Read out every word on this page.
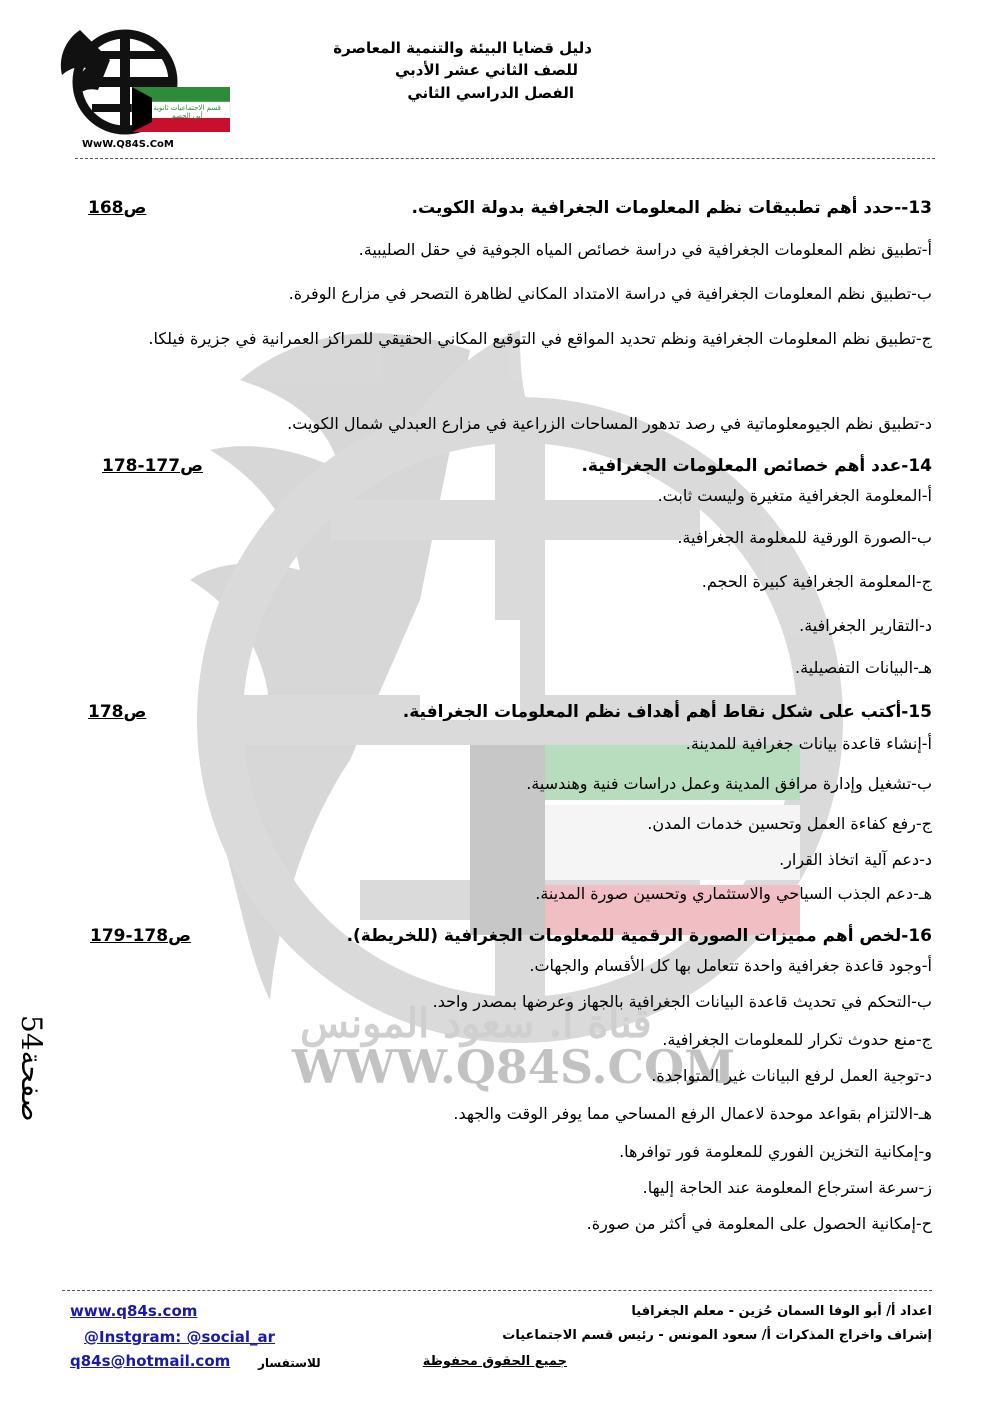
قناة أ. سعود المونس
WWW.Q84S.COM
قسم الاجتماعيات ثانوية أبي الحصم
WwW.Q84S.CoM
دليل قضايا البيئة والتنمية المعاصرة
للصف الثاني عشر الأدبي
الفصل الدراسي الثاني
13--حدد أهم تطبيقات نظم المعلومات الجغرافية بدولة الكويت.
ص168
أ-تطبيق نظم المعلومات الجغرافية في دراسة خصائص المياه الجوفية في حقل الصليبية.
ب-تطبيق نظم المعلومات الجغرافية في دراسة الامتداد المكاني لظاهرة التصحر في مزارع الوفرة.
ج-تطبيق نظم المعلومات الجغرافية ونظم تحديد المواقع في التوقيع المكاني الحقيقي للمراكز العمرانية في جزيرة فيلكا.
د-تطبيق نظم الجيومعلوماتية في رصد تدهور المساحات الزراعية في مزارع العبدلي شمال الكويت.
14-عدد أهم خصائص المعلومات الجغرافية.
ص177-178
أ-المعلومة الجغرافية متغيرة وليست ثابت.
ب-الصورة الورقية للمعلومة الجغرافية.
ج-المعلومة الجغرافية كبيرة الحجم.
د-التقارير الجغرافية.
هـ-البيانات التفصيلية.
15-أكتب على شكل نقاط أهم أهداف نظم المعلومات الجغرافية.
ص178
أ-إنشاء قاعدة بيانات جغرافية للمدينة.
ب-تشغيل وإدارة مرافق المدينة وعمل دراسات فنية وهندسية.
ج-رفع كفاءة العمل وتحسين خدمات المدن.
د-دعم آلية اتخاذ القرار.
هـ-دعم الجذب السياحي والاستثماري وتحسين صورة المدينة.
16-لخص أهم مميزات الصورة الرقمية للمعلومات الجغرافية (للخريطة).
ص178-179
أ-وجود قاعدة جغرافية واحدة تتعامل بها كل الأقسام والجهات.
ب-التحكم في تحديث قاعدة البيانات الجغرافية بالجهاز وعرضها بمصدر واحد.
ج-منع حدوث تكرار للمعلومات الجغرافية.
د-توجية العمل لرفع البيانات غير المتواجدة.
هـ-الالتزام بقواعد موحدة لاعمال الرفع المساحي مما يوفر الوقت والجهد.
و-إمكانية التخزين الفوري للمعلومة فور توافرها.
ز-سرعة استرجاع المعلومة عند الحاجة إليها.
ح-إمكانية الحصول على المعلومة في أكثر من صورة.
صفحة54
اعداد أ/ أبو الوفا السمان حُزين - معلم الجغرافيا
إشراف واخراج المذكرات أ/ سعود المونس - رئيس قسم الاجتماعيات
جميع الحقوق محفوظة
www.q84s.com
@Instgram: @social_ar
q84s@hotmail.com للاستفسار
